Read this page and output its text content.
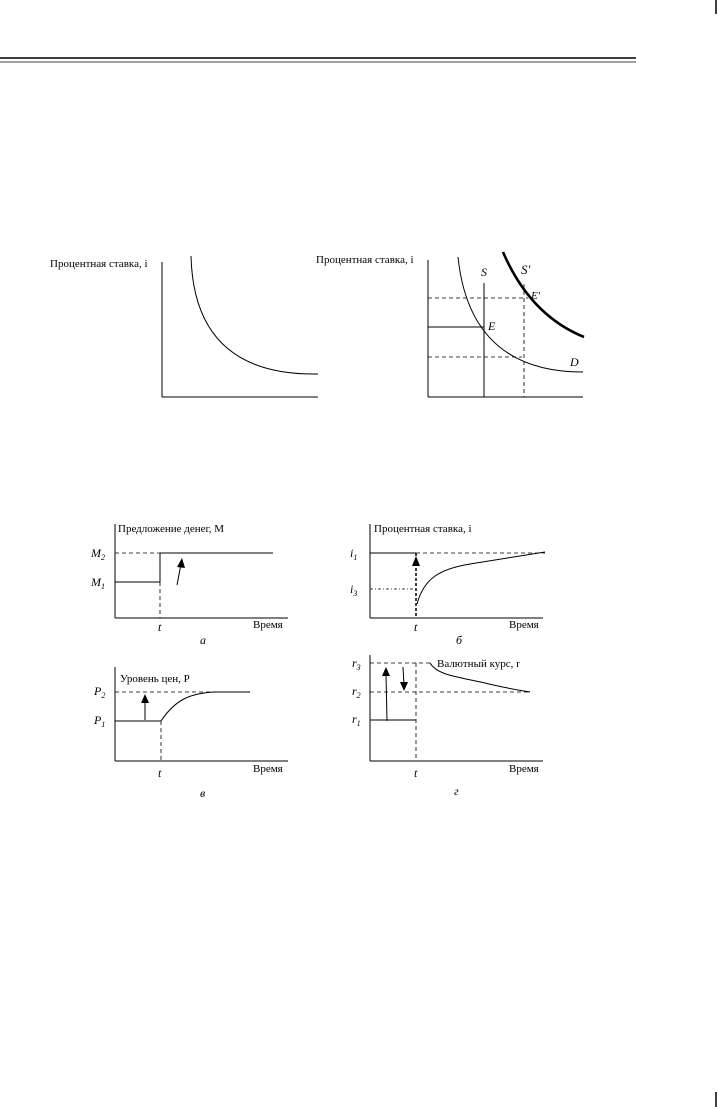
Процентная ставка, i	Процентная ставка, i
S	S′
E′
E
D
Предложение денег, M
$M_2$
$M_1$
t	Время
а
Процентная ставка, i
$i_1$
$i_3$
t	Время
б
Уровень цен, P
$P_2$
$P_1$
t	Время
в
Валютный курс, r
$r_3$
$r_2$
$r_1$
t	Время
г
